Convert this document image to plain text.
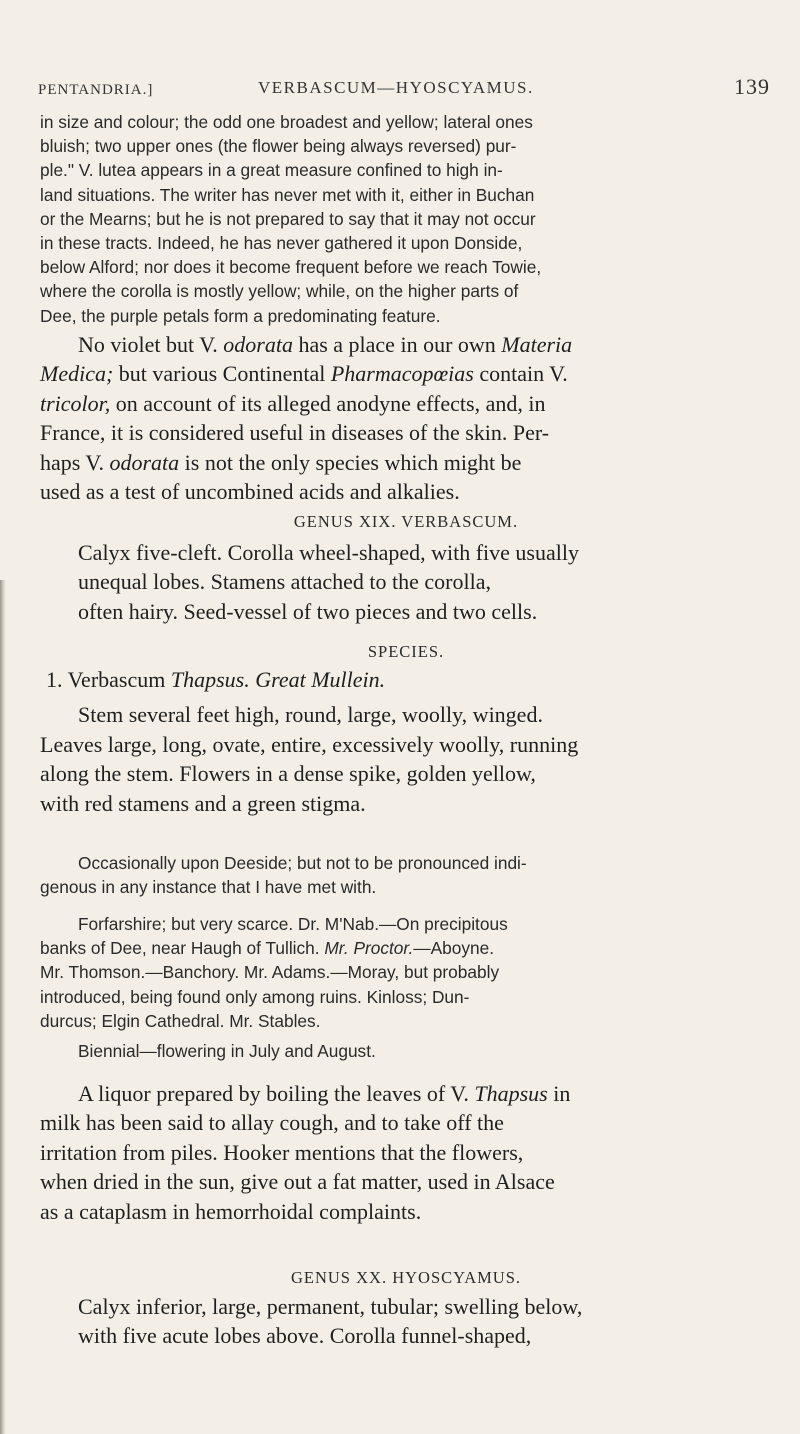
PENTANDRIA.]	VERBASCUM—HYOSCYAMUS.	139
in size and colour; the odd one broadest and yellow; lateral ones
bluish; two upper ones (the flower being always reversed) pur-
ple." V. lutea appears in a great measure confined to high in-
land situations. The writer has never met with it, either in Buchan
or the Mearns; but he is not prepared to say that it may not occur
in these tracts. Indeed, he has never gathered it upon Donside,
below Alford; nor does it become frequent before we reach Towie,
where the corolla is mostly yellow; while, on the higher parts of
Dee, the purple petals form a predominating feature.
No violet but V. odorata has a place in our own Materia
Medica; but various Continental Pharmacopœias contain V.
tricolor, on account of its alleged anodyne effects, and, in
France, it is considered useful in diseases of the skin. Per-
haps V. odorata is not the only species which might be
used as a test of uncombined acids and alkalies.
GENUS XIX. VERBASCUM.
Calyx five-cleft. Corolla wheel-shaped, with five usually
unequal lobes. Stamens attached to the corolla,
often hairy. Seed-vessel of two pieces and two cells.
SPECIES.
1. Verbascum Thapsus. Great Mullein.
Stem several feet high, round, large, woolly, winged.
Leaves large, long, ovate, entire, excessively woolly, running
along the stem. Flowers in a dense spike, golden yellow,
with red stamens and a green stigma.
Occasionally upon Deeside; but not to be pronounced indi-
genous in any instance that I have met with.
Forfarshire; but very scarce. Dr. M'Nab.—On precipitous
banks of Dee, near Haugh of Tullich. Mr. Proctor.—Aboyne.
Mr. Thomson.—Banchory. Mr. Adams.—Moray, but probably
introduced, being found only among ruins. Kinloss; Dun-
durcus; Elgin Cathedral. Mr. Stables.
Biennial—flowering in July and August.
A liquor prepared by boiling the leaves of V. Thapsus in
milk has been said to allay cough, and to take off the
irritation from piles. Hooker mentions that the flowers,
when dried in the sun, give out a fat matter, used in Alsace
as a cataplasm in hemorrhoidal complaints.
GENUS XX. HYOSCYAMUS.
Calyx inferior, large, permanent, tubular; swelling below,
with five acute lobes above. Corolla funnel-shaped,
